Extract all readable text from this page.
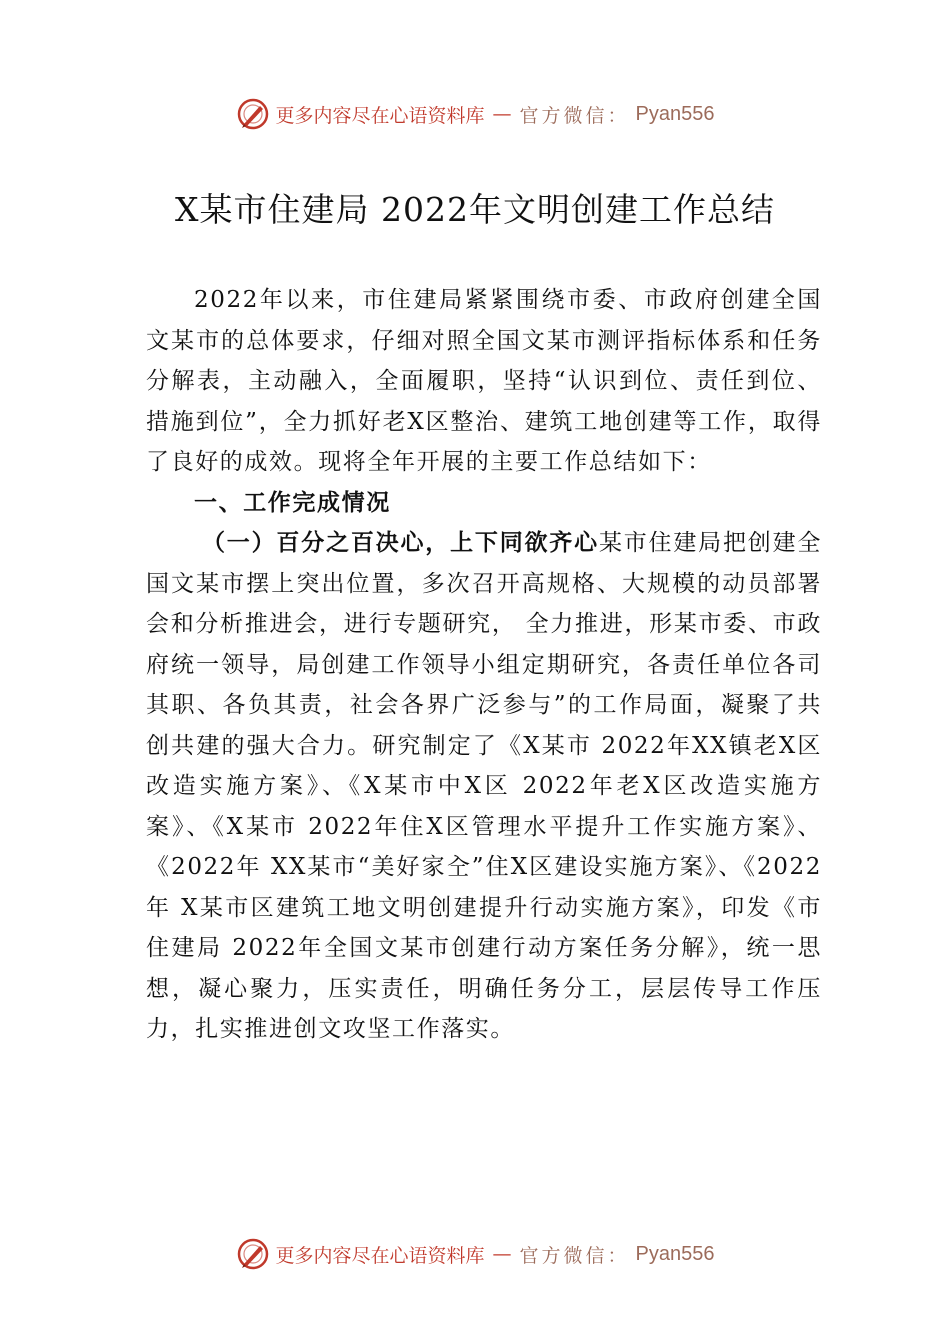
更多内容尽在心语资料库 — 官方微信： Pyan556
X某市住建局 2022年文明创建工作总结

2022年以来，市住建局紧紧围绕市委、市政府创建全国文某市的总体要求，仔细对照全国文某市测评指标体系和任务分解表，主动融入，全面履职，坚持“认识到位、责任到位、措施到位”，全力抓好老X区整治、建筑工地创建等工作，取得了良好的成效。现将全年开展的主要工作总结如下：

一、工作完成情况

（一）百分之百决心，上下同欲齐心某市住建局把创建全国文某市摆上突出位置，多次召开高规格、大规模的动员部署会和分析推进会，进行专题研究， 全力推进，形某市委、市政府统一领导，局创建工作领导小组定期研究，各责任单位各司其职、各负其责，社会各界广泛参与”的工作局面，凝聚了共创共建的强大合力。研究制定了《X某市 2022年XX镇老X区改造实施方案》、《X某市中X区 2022年老X区改造实施方案》、《X某市 2022年住X区管理水平提升工作实施方案》、《2022年 XX某市“美好家㒰”住X区建设实施方案》、《2022年 X某市区建筑工地文明创建提升行动实施方案》，印发《市住建局 2022年全国文某市创建行动方案任务分解》，统一思想，凝心聚力，压实责任，明确任务分工，层层传导工作压力，扎实推进创文攻坚工作落实。

更多内容尽在心语资料库 — 官方微信： Pyan556
